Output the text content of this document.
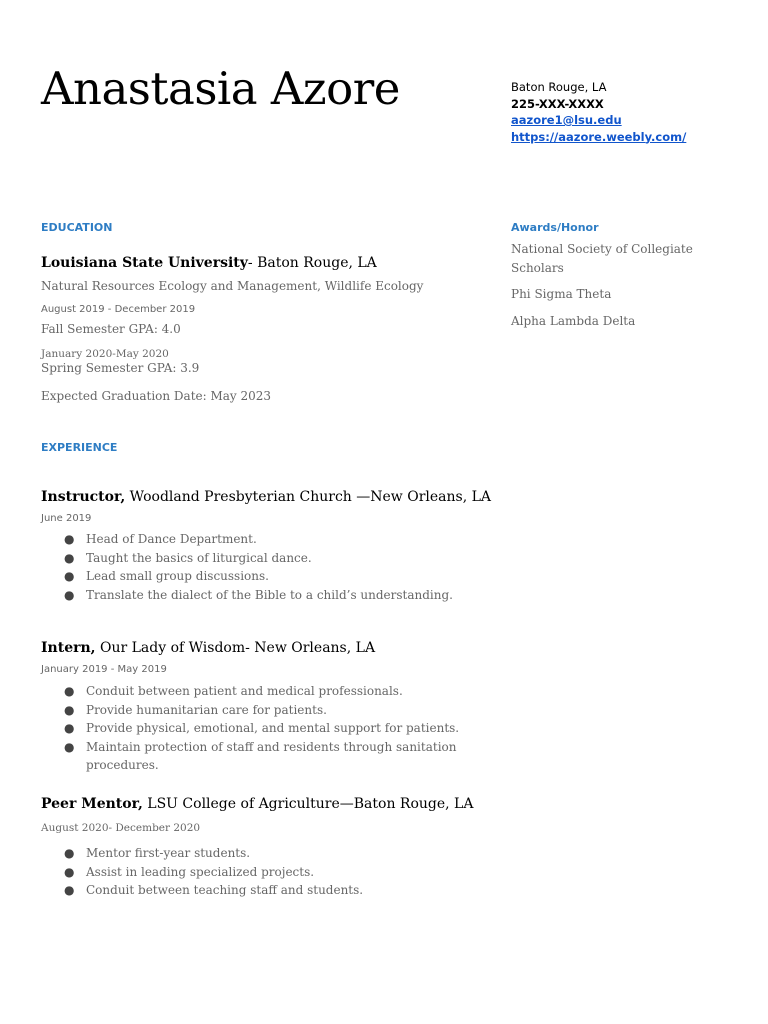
Anastasia Azore	Baton Rouge, LA
225-XXX-XXXX
aazore1@lsu.edu
https://aazore.weebly.com/
EDUCATION
Louisiana State University- Baton Rouge, LA
Natural Resources Ecology and Management, Wildlife Ecology
August 2019 - December 2019
Fall Semester GPA: 4.0
January 2020-May 2020
Spring Semester GPA: 3.9
Expected Graduation Date: May 2023
Awards/Honor
National Society of Collegiate Scholars
Phi Sigma Theta
Alpha Lambda Delta
EXPERIENCE
Instructor, Woodland Presbyterian Church —New Orleans, LA
June 2019
● Head of Dance Department.
● Taught the basics of liturgical dance.
● Lead small group discussions.
● Translate the dialect of the Bible to a child’s understanding.
Intern, Our Lady of Wisdom- New Orleans, LA
January 2019 - May 2019
● Conduit between patient and medical professionals.
● Provide humanitarian care for patients.
● Provide physical, emotional, and mental support for patients.
● Maintain protection of staff and residents through sanitation procedures.
Peer Mentor, LSU College of Agriculture—Baton Rouge, LA
August 2020- December 2020
● Mentor first-year students.
● Assist in leading specialized projects.
● Conduit between teaching staff and students.
